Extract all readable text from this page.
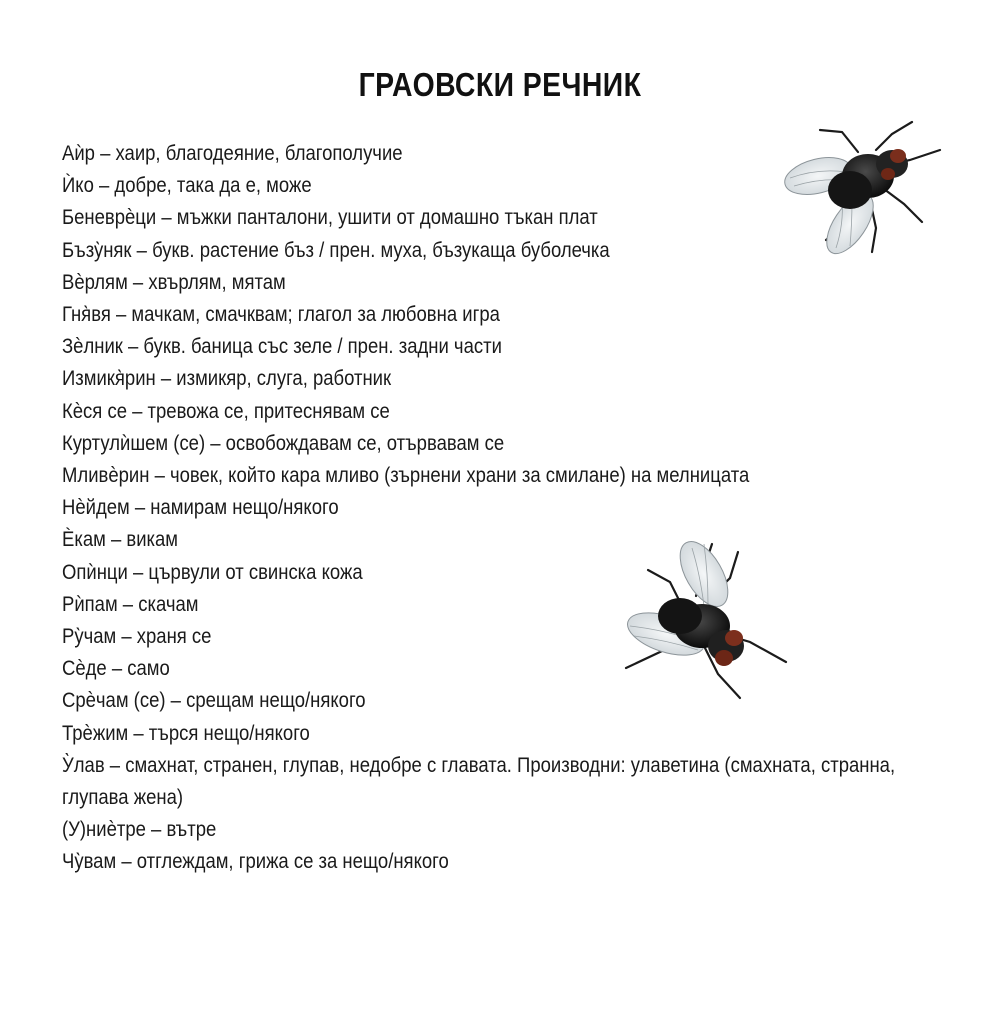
ГРАОВСКИ РЕЧНИК
Аѝр – хаир, благодеяние, благополучие
Ѝко – добре, така да е, може
Беневрѐци – мъжки панталони, ушити от домашно тъкан плат
Бъзу̀няк – букв. растение бъз / прен. муха, бъзукаща буболечка
Вѐрлям – хвърлям, мятам
Гня̀вя – мачкам, смачквам; глагол за любовна игра
Зѐлник – букв. баница със зеле / прен. задни части
Измикя̀рин – измикяр, слуга, работник
Кѐся се – тревожа се, притеснявам се
Куртулѝшем (се) – освобождавам се, отървавам се
Мливѐрин – човек, който кара мливо (зърнени храни за смилане) на мелницата
Нѐйдем – намирам нещо/някого
Ѐкам – викам
Опѝнци – цървули от свинска кожа
Рѝпам – скачам
Ру̀чам – храня се
Сѐде – само
Срѐчам (се) – срещам нещо/някого
Трѐжим – търся нещо/някого
У̀лав – смахнат, странен, глупав, недобре с главата. Производни: улаветина (смахната, странна, глупава жена)
(У)ниѐтре – вътре
Чу̀вам – отглеждам, грижа се за нещо/някого
